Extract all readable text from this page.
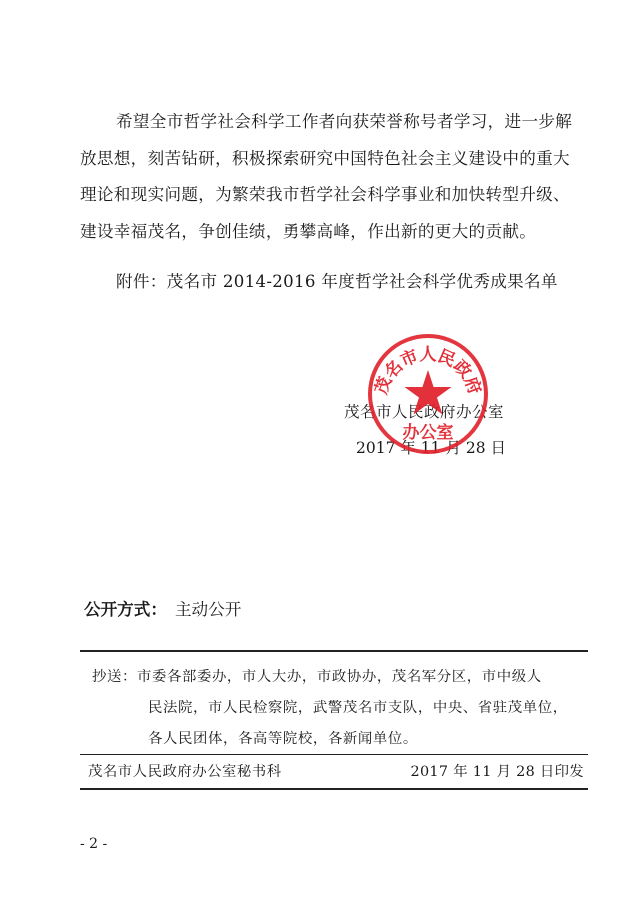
希望全市哲学社会科学工作者向获荣誉称号者学习，进一步解
放思想，刻苦钻研，积极探索研究中国特色社会主义建设中的重大
理论和现实问题，为繁荣我市哲学社会科学事业和加快转型升级、
建设幸福茂名，争创佳绩，勇攀高峰，作出新的更大的贡献。
附件：茂名市 2014-2016 年度哲学社会科学优秀成果名单
茂名市人民政府办公室
2017 年 11 月 28 日
茂名市人民政府
办公室
公开方式： 主动公开
抄送：市委各部委办，市人大办，市政协办，茂名军分区，市中级人
民法院，市人民检察院，武警茂名市支队，中央、省驻茂单位，
各人民团体，各高等院校，各新闻单位。
茂名市人民政府办公室秘书科	2017 年 11 月 28 日印发
- 2 -
